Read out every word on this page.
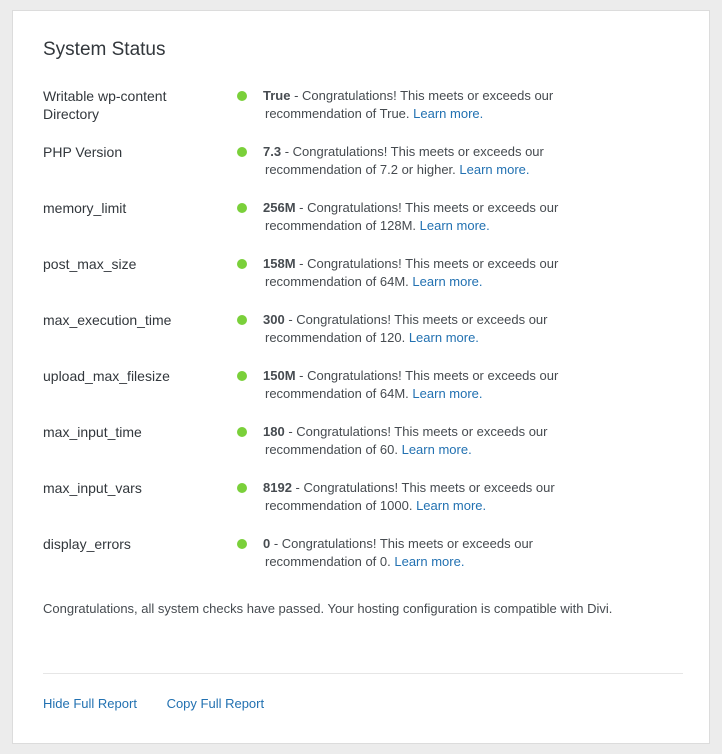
System Status
Writable wp-content Directory
True - Congratulations! This meets or exceeds our recommendation of True. Learn more.
PHP Version	7.3 - Congratulations! This meets or exceeds our recommendation of 7.2 or higher. Learn more.
memory_limit	256M - Congratulations! This meets or exceeds our recommendation of 128M. Learn more.
post_max_size	158M - Congratulations! This meets or exceeds our recommendation of 64M. Learn more.
max_execution_time	300 - Congratulations! This meets or exceeds our recommendation of 120. Learn more.
upload_max_filesize	150M - Congratulations! This meets or exceeds our recommendation of 64M. Learn more.
max_input_time	180 - Congratulations! This meets or exceeds our recommendation of 60. Learn more.
max_input_vars	8192 - Congratulations! This meets or exceeds our recommendation of 1000. Learn more.
display_errors	0 - Congratulations! This meets or exceeds our recommendation of 0. Learn more.
Congratulations, all system checks have passed. Your hosting configuration is compatible with Divi.
Hide Full Report Copy Full Report
